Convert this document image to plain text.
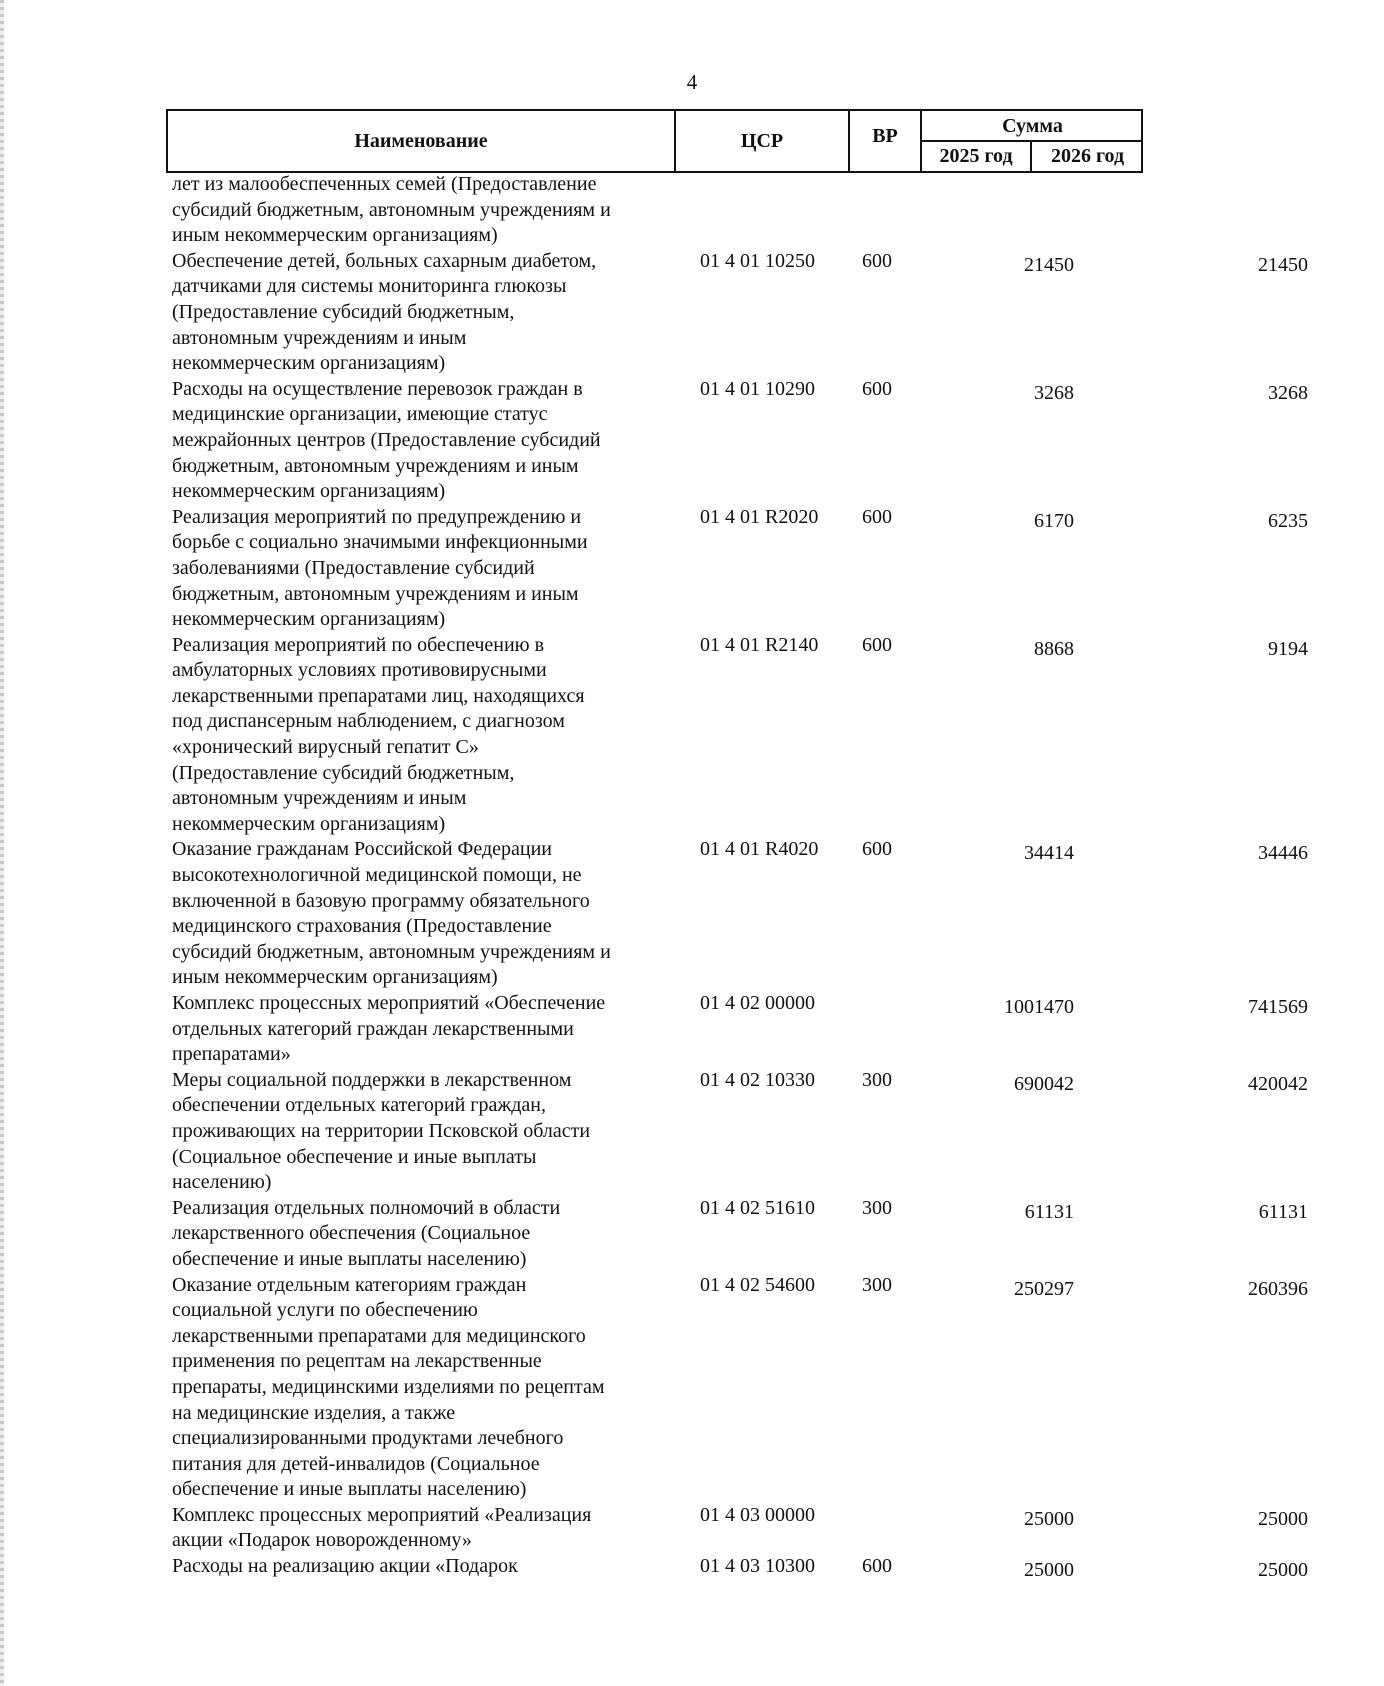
4
Наименование	ЦСР	ВР	Сумма
2025 год	2026 год
лет из малообеспеченных семей (Предоставление
субсидий бюджетным, автономным учреждениям и
иным некоммерческим организациям)
Обеспечение детей, больных сахарным диабетом,
датчиками для системы мониторинга глюкозы
(Предоставление субсидий бюджетным,
автономным учреждениям и иным
некоммерческим организациям)
01 4 01 10250 600	21450	21450
Расходы на осуществление перевозок граждан в
медицинские организации, имеющие статус
межрайонных центров (Предоставление субсидий
бюджетным, автономным учреждениям и иным
некоммерческим организациям)
01 4 01 10290 600	3268	3268
Реализация мероприятий по предупреждению и
борьбе с социально значимыми инфекционными
заболеваниями (Предоставление субсидий
бюджетным, автономным учреждениям и иным
некоммерческим организациям)
01 4 01 R2020 600	6170	6235
Реализация мероприятий по обеспечению в
амбулаторных условиях противовирусными
лекарственными препаратами лиц, находящихся
под диспансерным наблюдением, с диагнозом
«хронический вирусный гепатит С»
(Предоставление субсидий бюджетным,
автономным учреждениям и иным
некоммерческим организациям)
01 4 01 R2140 600	8868	9194
Оказание гражданам Российской Федерации
высокотехнологичной медицинской помощи, не
включенной в базовую программу обязательного
медицинского страхования (Предоставление
субсидий бюджетным, автономным учреждениям и
иным некоммерческим организациям)
01 4 01 R4020 600	34414	34446
Комплекс процессных мероприятий «Обеспечение
отдельных категорий граждан лекарственными
препаратами»
01 4 02 00000	1001470	741569
Меры социальной поддержки в лекарственном
обеспечении отдельных категорий граждан,
проживающих на территории Псковской области
(Социальное обеспечение и иные выплаты
населению)
01 4 02 10330 300	690042	420042
Реализация отдельных полномочий в области
лекарственного обеспечения (Социальное
обеспечение и иные выплаты населению)
01 4 02 51610 300	61131	61131
Оказание отдельным категориям граждан
социальной услуги по обеспечению
лекарственными препаратами для медицинского
применения по рецептам на лекарственные
препараты, медицинскими изделиями по рецептам
на медицинские изделия, а также
специализированными продуктами лечебного
питания для детей-инвалидов (Социальное
обеспечение и иные выплаты населению)
01 4 02 54600 300	250297	260396
Комплекс процессных мероприятий «Реализация
акции «Подарок новорожденному»
01 4 03 00000	25000	25000
Расходы на реализацию акции «Подарок	01 4 03 10300 600	25000	25000
